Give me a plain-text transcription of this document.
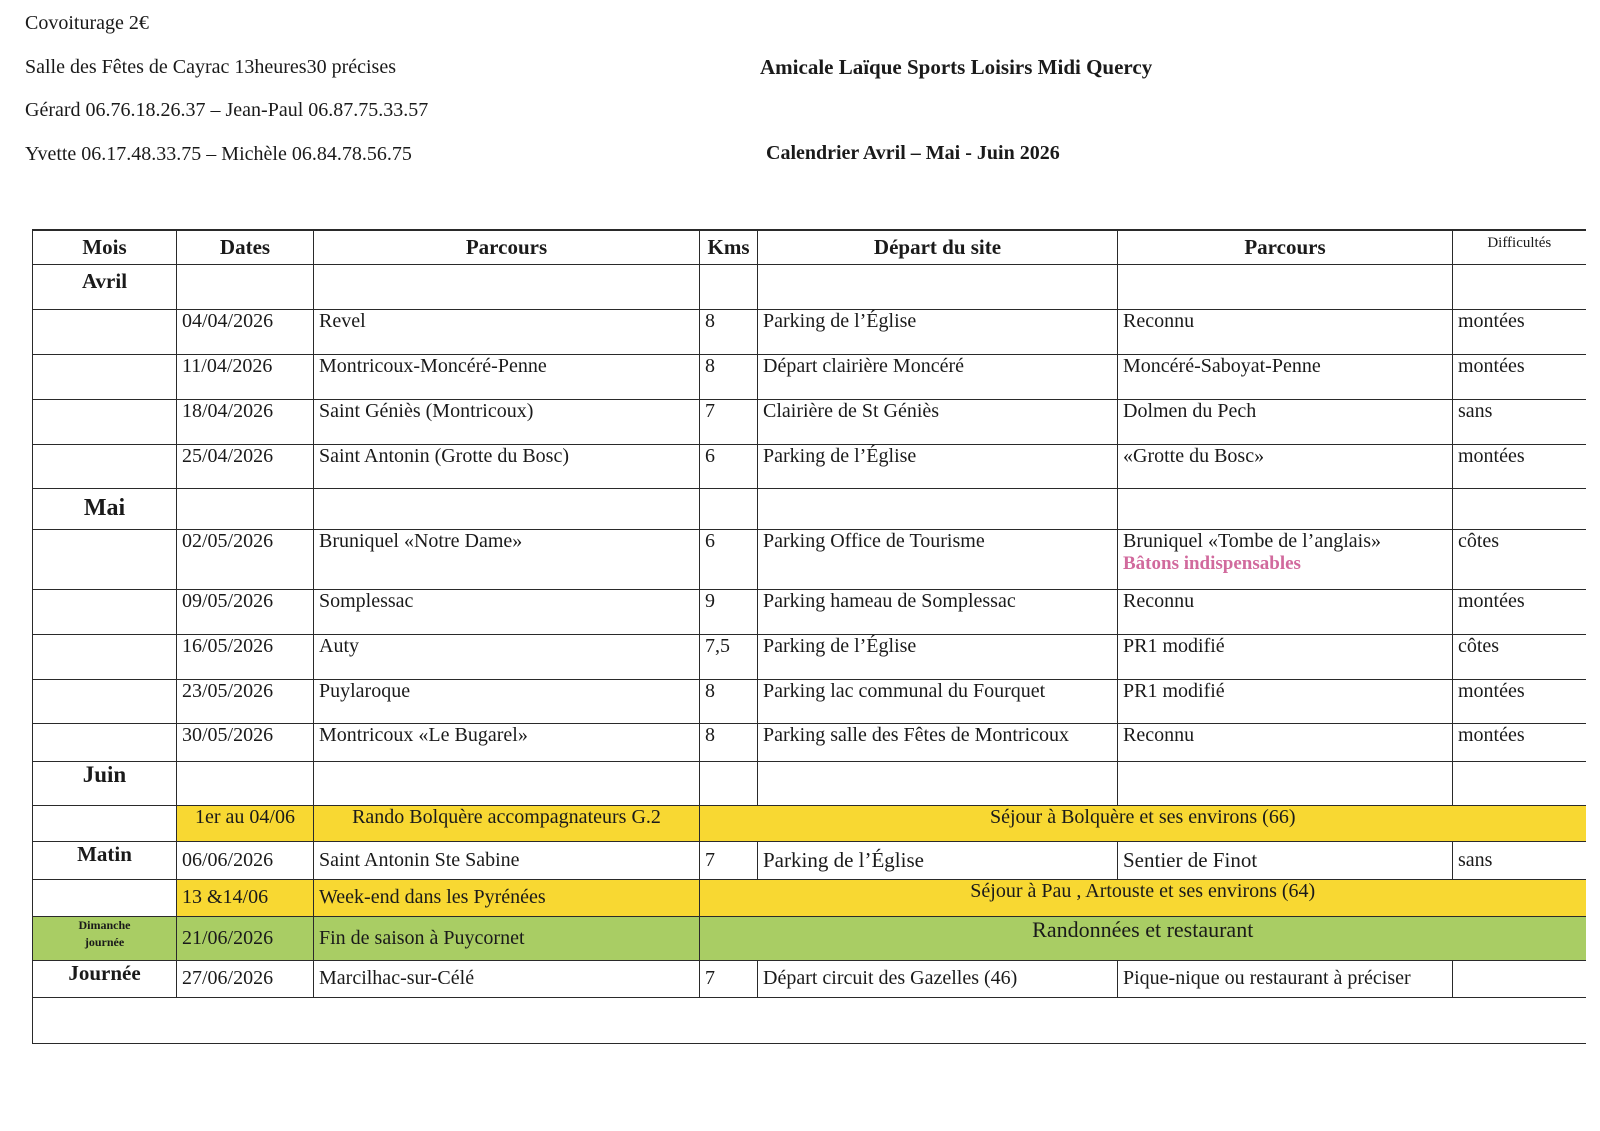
Covoiturage 2€
Salle des Fêtes de Cayrac 13heures30 précises
Gérard 06.76.18.26.37 – Jean-Paul 06.87.75.33.57
Yvette 06.17.48.33.75 – Michèle 06.84.78.56.75
Amicale Laïque Sports Loisirs Midi Quercy
Calendrier Avril – Mai - Juin 2026
Mois	Dates	Parcours	Kms	Départ du site	Parcours	Difficultés
Avril						
	04/04/2026	Revel	8	Parking de l’Église	Reconnu	montées
	11/04/2026	Montricoux-Moncéré-Penne	8	Départ clairière Moncéré	Moncéré-Saboyat-Penne	montées
	18/04/2026	Saint Géniès (Montricoux)	7	Clairière de St Géniès	Dolmen du Pech	sans
	25/04/2026	Saint Antonin (Grotte du Bosc)	6	Parking de l’Église	«Grotte du Bosc»	montées
Mai						
	02/05/2026	Bruniquel «Notre Dame»	6	Parking Office de Tourisme	Bruniquel «Tombe de l’anglais»
Bâtons indispensables	côtes
	09/05/2026	Somplessac	9	Parking hameau de Somplessac	Reconnu	montées
	16/05/2026	Auty	7,5	Parking de l’Église	PR1 modifié	côtes
	23/05/2026	Puylaroque	8	Parking lac communal du Fourquet	PR1 modifié	montées
	30/05/2026	Montricoux «Le Bugarel»	8	Parking salle des Fêtes de Montricoux	Reconnu	montées
Juin						
	1er au 04/06	Rando Bolquère accompagnateurs G.2	Séjour à Bolquère et ses environs (66)			
Matin	06/06/2026	Saint Antonin Ste Sabine	7	Parking de l’Église	Sentier de Finot	sans
	13 &14/06	Week-end dans les Pyrénées	Séjour à Pau , Artouste et ses environs (64)			

Dimanche
journée	21/06/2026	Fin de saison à Puycornet	Randonnées et restaurant			
Journée	27/06/2026	Marcilhac-sur-Célé	7	Départ circuit des Gazelles (46)	Pique-nique ou restaurant à préciser	
